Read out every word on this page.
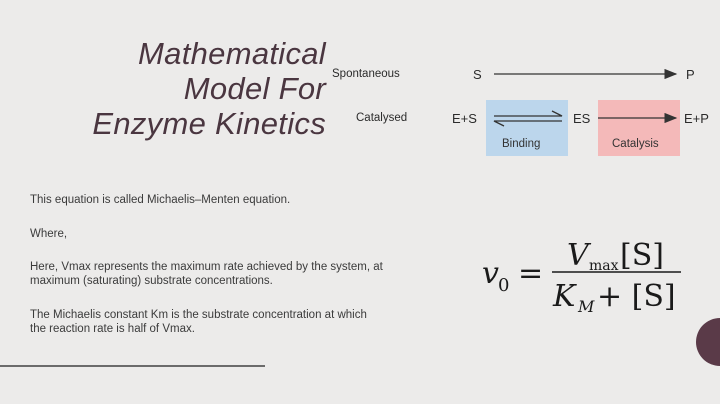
Mathematical
Model For
Enzyme Kinetics
Spontaneous	S	P
Catalysed	E+S	ES	E+P
Binding	Catalysis
This equation is called Michaelis–Menten equation.
Where,
Here, Vmax represents the maximum rate achieved by the system, at
maximum (saturating) substrate concentrations.
The Michaelis constant Km is the substrate concentration at which
the reaction rate is half of Vmax.
v 0 =
V max [S]
K M + [S]
